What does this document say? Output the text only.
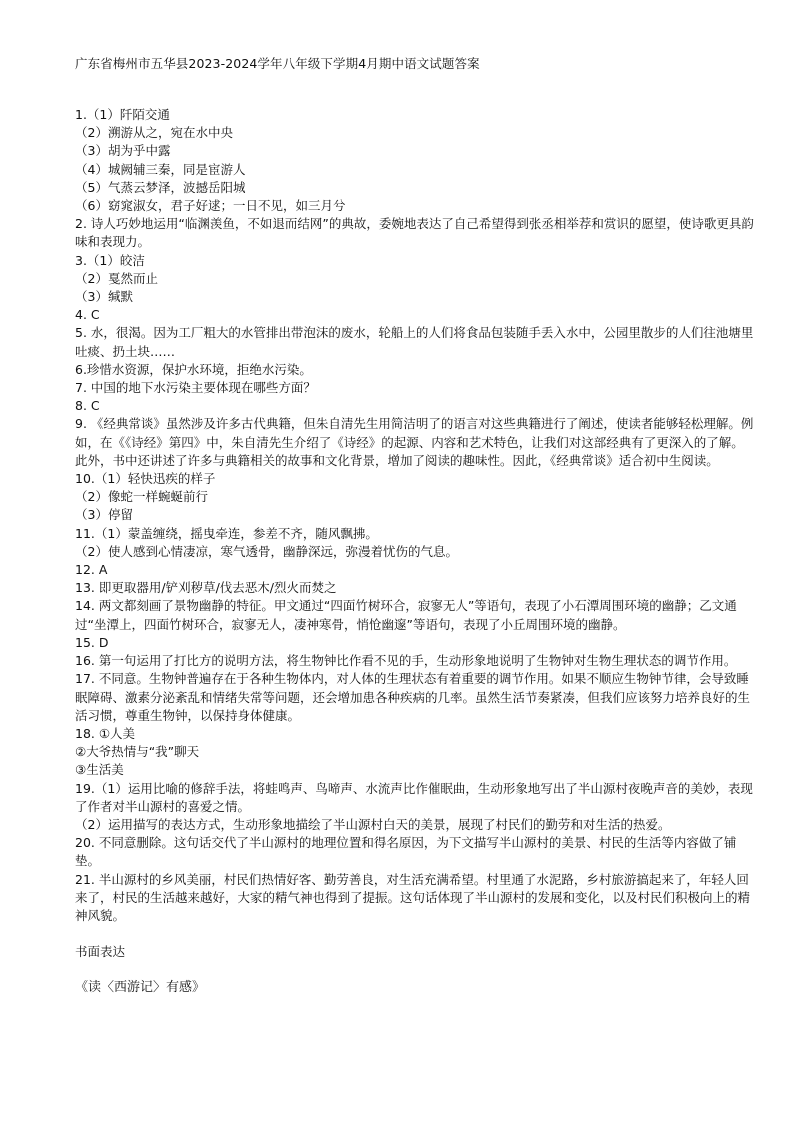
广东省梅州市五华县2023-2024学年八年级下学期4月期中语文试题答案

1.（1）阡陌交通

（2）溯游从之，宛在水中央

（3）胡为乎中露

（4）城阙辅三秦，同是宦游人

（5）气蒸云梦泽，波撼岳阳城

（6）窈窕淑女，君子好逑；一日不见，如三月兮

2. 诗人巧妙地运用“临渊羡鱼，不如退而结网”的典故，委婉地表达了自己希望得到张丞相举荐和赏识的愿望，使诗歌更具韵味和表现力。

3.（1）皎洁

（2）戛然而止

（3）缄默

4. C

5. 水，很渴。因为工厂粗大的水管排出带泡沫的废水，轮船上的人们将食品包装随手丢入水中，公园里散步的人们往池塘里吐痰、扔土块……

6.珍惜水资源，保护水环境，拒绝水污染。

7. 中国的地下水污染主要体现在哪些方面？

8. C

9. 《经典常谈》虽然涉及许多古代典籍，但朱自清先生用简洁明了的语言对这些典籍进行了阐述，使读者能够轻松理解。例如，在《《诗经》第四》中，朱自清先生介绍了《诗经》的起源、内容和艺术特色，让我们对这部经典有了更深入的了解。此外，书中还讲述了许多与典籍相关的故事和文化背景，增加了阅读的趣味性。因此，《经典常谈》适合初中生阅读。

10.（1）轻快迅疾的样子

（2）像蛇一样蜿蜒前行

（3）停留

11.（1）蒙盖缠绕，摇曳牵连，参差不齐，随风飘拂。

（2）使人感到心情凄凉，寒气透骨，幽静深远，弥漫着忧伤的气息。

12. A

13. 即更取器用/铲刈秽草/伐去恶木/烈火而焚之

14. 两文都刻画了景物幽静的特征。甲文通过“四面竹树环合，寂寥无人”等语句，表现了小石潭周围环境的幽静；乙文通过“坐潭上，四面竹树环合，寂寥无人，凄神寒骨，悄怆幽邃”等语句，表现了小丘周围环境的幽静。

15. D

16. 第一句运用了打比方的说明方法，将生物钟比作看不见的手，生动形象地说明了生物钟对生物生理状态的调节作用。

17. 不同意。生物钟普遍存在于各种生物体内，对人体的生理状态有着重要的调节作用。如果不顺应生物钟节律，会导致睡眠障碍、激素分泌紊乱和情绪失常等问题，还会增加患各种疾病的几率。虽然生活节奏紧凑，但我们应该努力培养良好的生活习惯，尊重生物钟，以保持身体健康。

18. ①人美

②大爷热情与“我”聊天

③生活美

19.（1）运用比喻的修辞手法，将蛙鸣声、鸟啼声、水流声比作催眠曲，生动形象地写出了半山源村夜晚声音的美妙，表现了作者对半山源村的喜爱之情。

（2）运用描写的表达方式，生动形象地描绘了半山源村白天的美景，展现了村民们的勤劳和对生活的热爱。

20. 不同意删除。这句话交代了半山源村的地理位置和得名原因，为下文描写半山源村的美景、村民的生活等内容做了铺垫。

21. 半山源村的乡风美丽，村民们热情好客、勤劳善良，对生活充满希望。村里通了水泥路，乡村旅游搞起来了，年轻人回来了，村民的生活越来越好，大家的精气神也得到了提振。这句话体现了半山源村的发展和变化，以及村民们积极向上的精神风貌。

书面表达

《读〈西游记〉有感》
